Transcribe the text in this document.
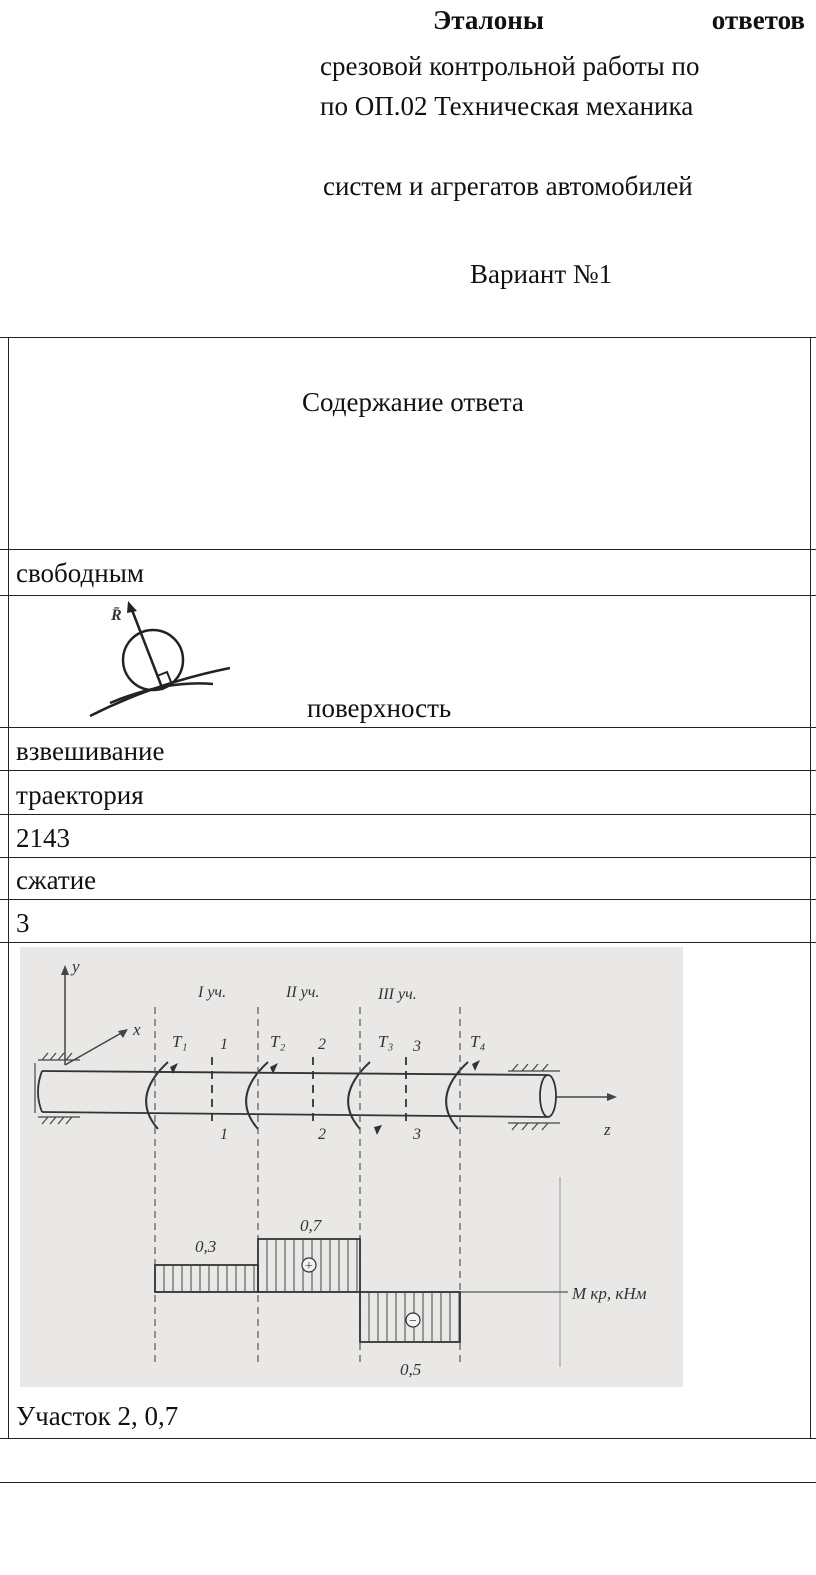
Эталоны	ответов
срезовой контрольной работы по
по ОП.02 Техническая механика
систем и агрегатов автомобилей
Вариант №1
Содержание ответа
свободным
R̄
поверхность
взвешивание
траектория
2143
сжатие
3
y
x
z
T₁	T₂	T₃	T₄
I уч.	II уч.	III уч.
1
1
2
2
3
3
0,3
0,7
0,5
+
−
М кр, кНм
Участок 2, 0,7
